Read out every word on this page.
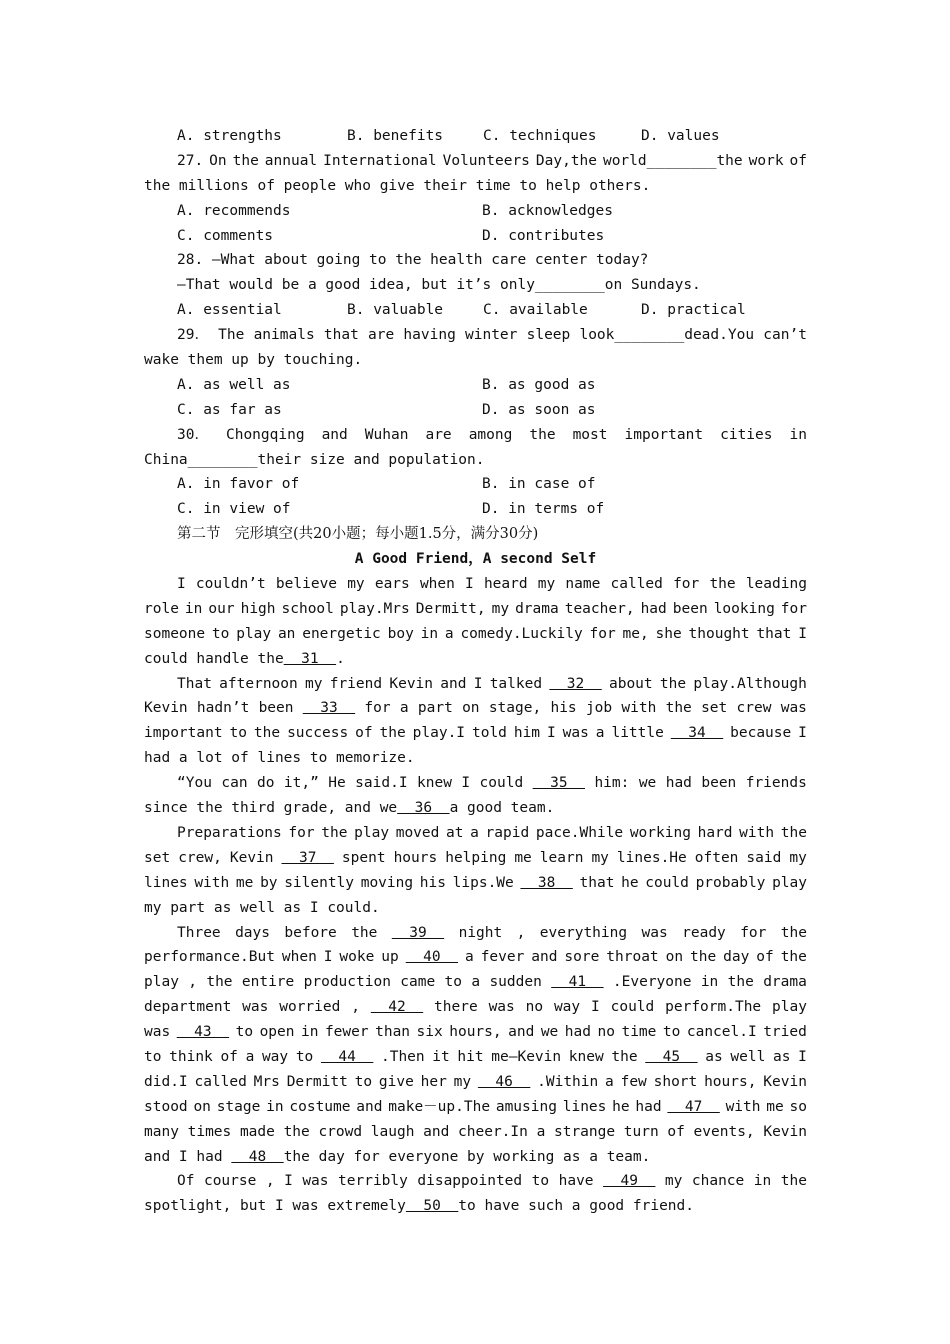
A. strengths	B. benefits	C. techniques	D. values
27. On the annual International Volunteers Day,the world________the work of
the millions of people who give their time to help others.
A. recommends	B. acknowledges
C. comments	D. contributes
28. —What about going to the health care center today?
—That would be a good idea, but it’s only________on Sundays.
A. essential	B. valuable	C. available	D. practical
29． The animals that are having winter sleep look________dead.You can’t
wake them up by touching.
A. as well as	B. as good as
C. as far as	D. as soon as
30． Chongqing and Wuhan are among the most important cities in
China________their size and population.
A. in favor of	B. in case of
C. in view of	D. in terms of
第二节　完形填空(共20小题；每小题1.5分，满分30分)
A Good Friend，A second Self
I couldn’t believe my ears when I heard my name called for the leading
role in our high school play.Mrs Dermitt, my drama teacher, had been looking for
someone to play an energetic boy in a comedy.Luckily for me, she thought that I
could handle the  31  .
That afternoon my friend Kevin and I talked 32 about the play.Although
Kevin hadn’t been 33 for a part on stage, his job with the set crew was
important to the success of the play.I told him I was a little 34 because I
had a lot of lines to memorize.
“You can do it,” He said.I knew I could 35 him: we had been friends
since the third grade, and we  36  a good team.
Preparations for the play moved at a rapid pace.While working hard with the
set crew, Kevin 37 spent hours helping me learn my lines.He often said my
lines with me by silently moving his lips.We 38 that he could probably play
my part as well as I could.
Three days before the 39 night , everything was ready for the
performance.But when I woke up 40 a fever and sore throat on the day of the
play , the entire production came to a sudden 41 .Everyone in the drama
department was worried , 42 there was no way I could perform.The play
was 43 to open in fewer than six hours, and we had no time to cancel.I tried
to think of a way to 44 .Then it hit me—Kevin knew the 45 as well as I
did.I called Mrs Dermitt to give her my 46 .Within a few short hours, Kevin
stood on stage in costume and make－up.The amusing lines he had 47 with me so
many times made the crowd laugh and cheer.In a strange turn of events, Kevin
and I had   48  the day for everyone by working as a team.
Of course , I was terribly disappointed to have 49 my chance in the
spotlight, but I was extremely  50  to have such a good friend.
